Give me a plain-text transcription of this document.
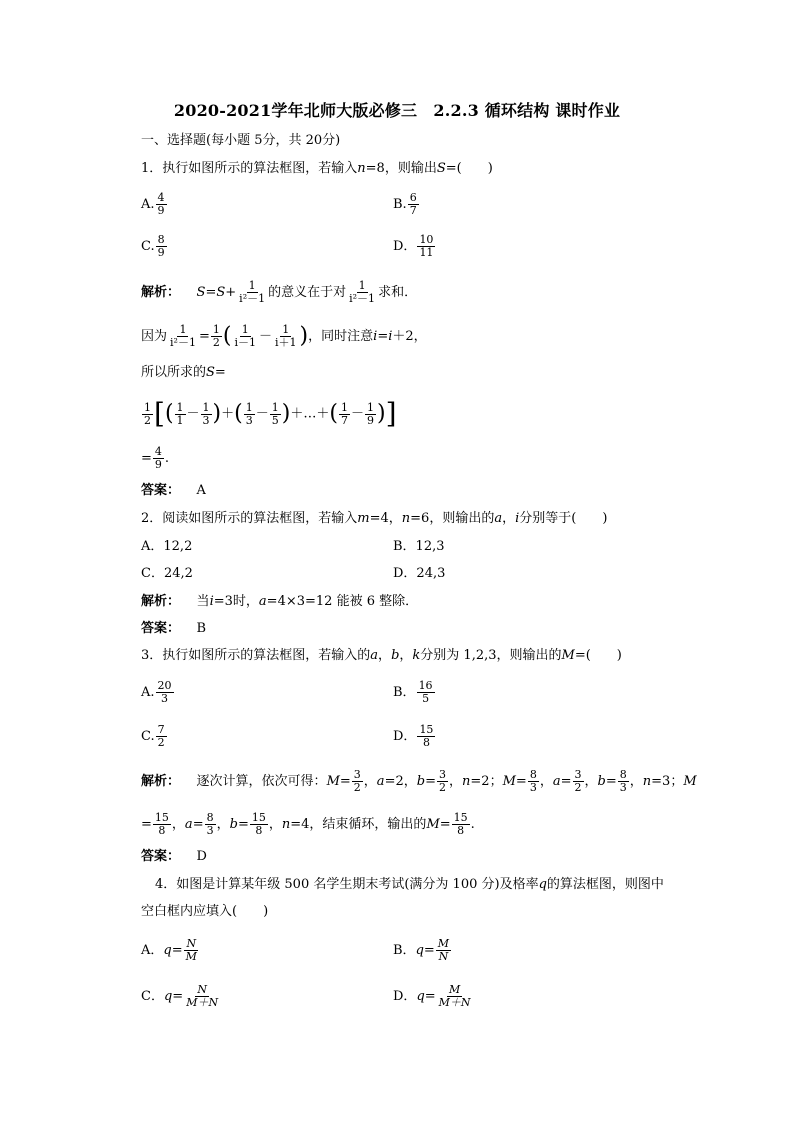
2020-2021学年北师大版必修三　2.2.3 循环结构 课时作业
一、选择题(每小题 5分，共 20分)
1．执行如图所示的算法框图，若输入n=8，则输出S=(　　)
A. $\frac{4}{9}$	B. $\frac{6}{7}$
C. $\frac{8}{9}$	D． $\frac{10}{11}$
解析： $S=S+ \frac{1}{\text{i²－1}}$ 的意义在于对 $\frac{1}{\text{i²－1}}$ 求和．
因为 $\frac{1}{\text{i²－1}} = \frac{1}{2}$ ( $\frac{1}{i-1} - \frac{1}{i+1}$ )，同时注意i=i＋2，
所以所求的S=
$\frac{1}{2}$ [( $\frac{1}{1} - \frac{1}{3}$ )＋( $\frac{1}{3} - \frac{1}{5}$ )＋…＋( $\frac{1}{7} - \frac{1}{9}$ )]
= $\frac{4}{9}$ .
答案： A
2．阅读如图所示的算法框图，若输入m=4，n=6，则输出的a，i分别等于(　　)
A．12,2	B．12,3
C．24,2	D．24,3
解析： 当i=3时，a=4×3=12 能被 6 整除．
答案： B
3．执行如图所示的算法框图，若输入的a，b，k分别为 1,2,3，则输出的M=(　　)
A. $\frac{20}{3}$	B． $\frac{16}{5}$
C. $\frac{7}{2}$	D． $\frac{15}{8}$
解析： 逐次计算，依次可得：$M= \frac{3}{2}$ ，a=2，$b= \frac{3}{2}$ ，n=2；$M= \frac{8}{3}$ ，$a= \frac{3}{2}$ ，$b= \frac{8}{3}$ ，n=3；M
= $\frac{15}{8}$ ，$a= \frac{8}{3}$ ，$b= \frac{15}{8}$ ，n=4，结束循环，输出的$M= \frac{15}{8}$ .
答案： D
4．如图是计算某年级 500 名学生期末考试(满分为 100 分)及格率q的算法框图，则图中
空白框内应填入(　　)
A．$q= \frac{N}{M}$	B．$q= \frac{M}{N}$
C．$q= \frac{N}{M+N}$	D．$q= \frac{M}{M+N}$
